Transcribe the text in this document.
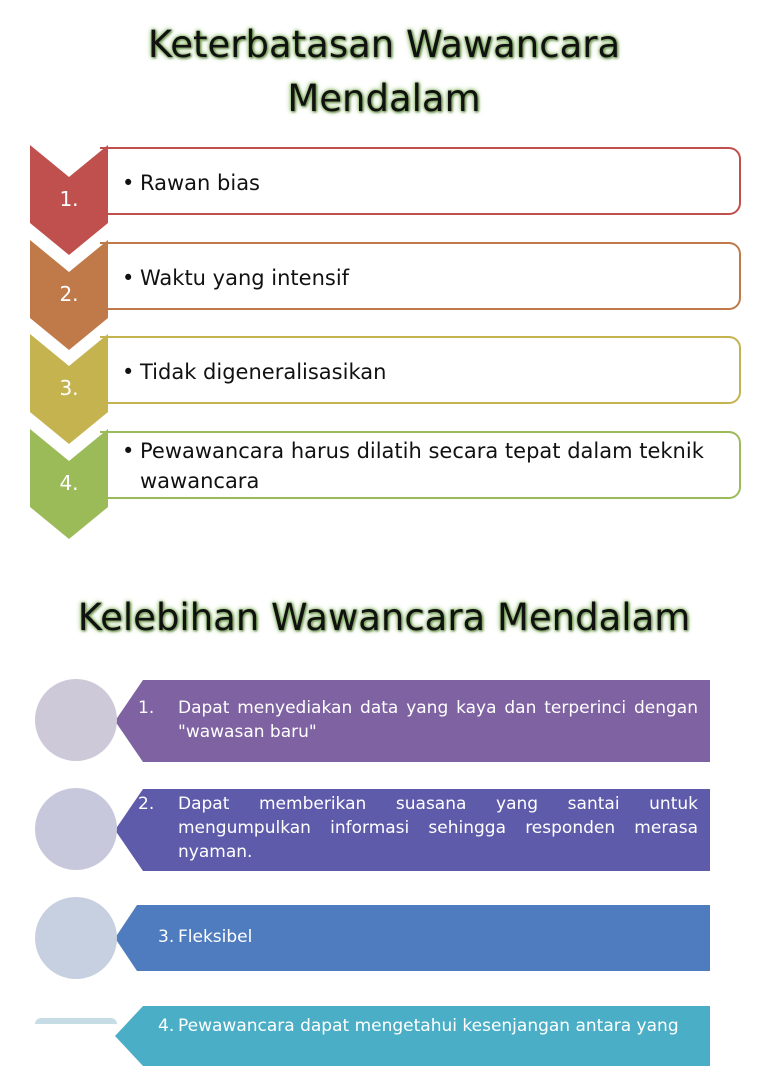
Keterbatasan Wawancara
Mendalam
• Rawan bias
1.
• Waktu yang intensif
2.
• Tidak digeneralisasikan
3.
• Pewawancara harus dilatih secara tepat dalam teknik
wawancara
4.
Kelebihan Wawancara Mendalam
1. Dapat menyediakan data yang kaya dan terperinci dengan "wawasan baru"
2. Dapat memberikan suasana yang santai untuk mengumpulkan informasi sehingga responden merasa nyaman.
3. Fleksibel
4. Pewawancara dapat mengetahui kesenjangan antara yang
